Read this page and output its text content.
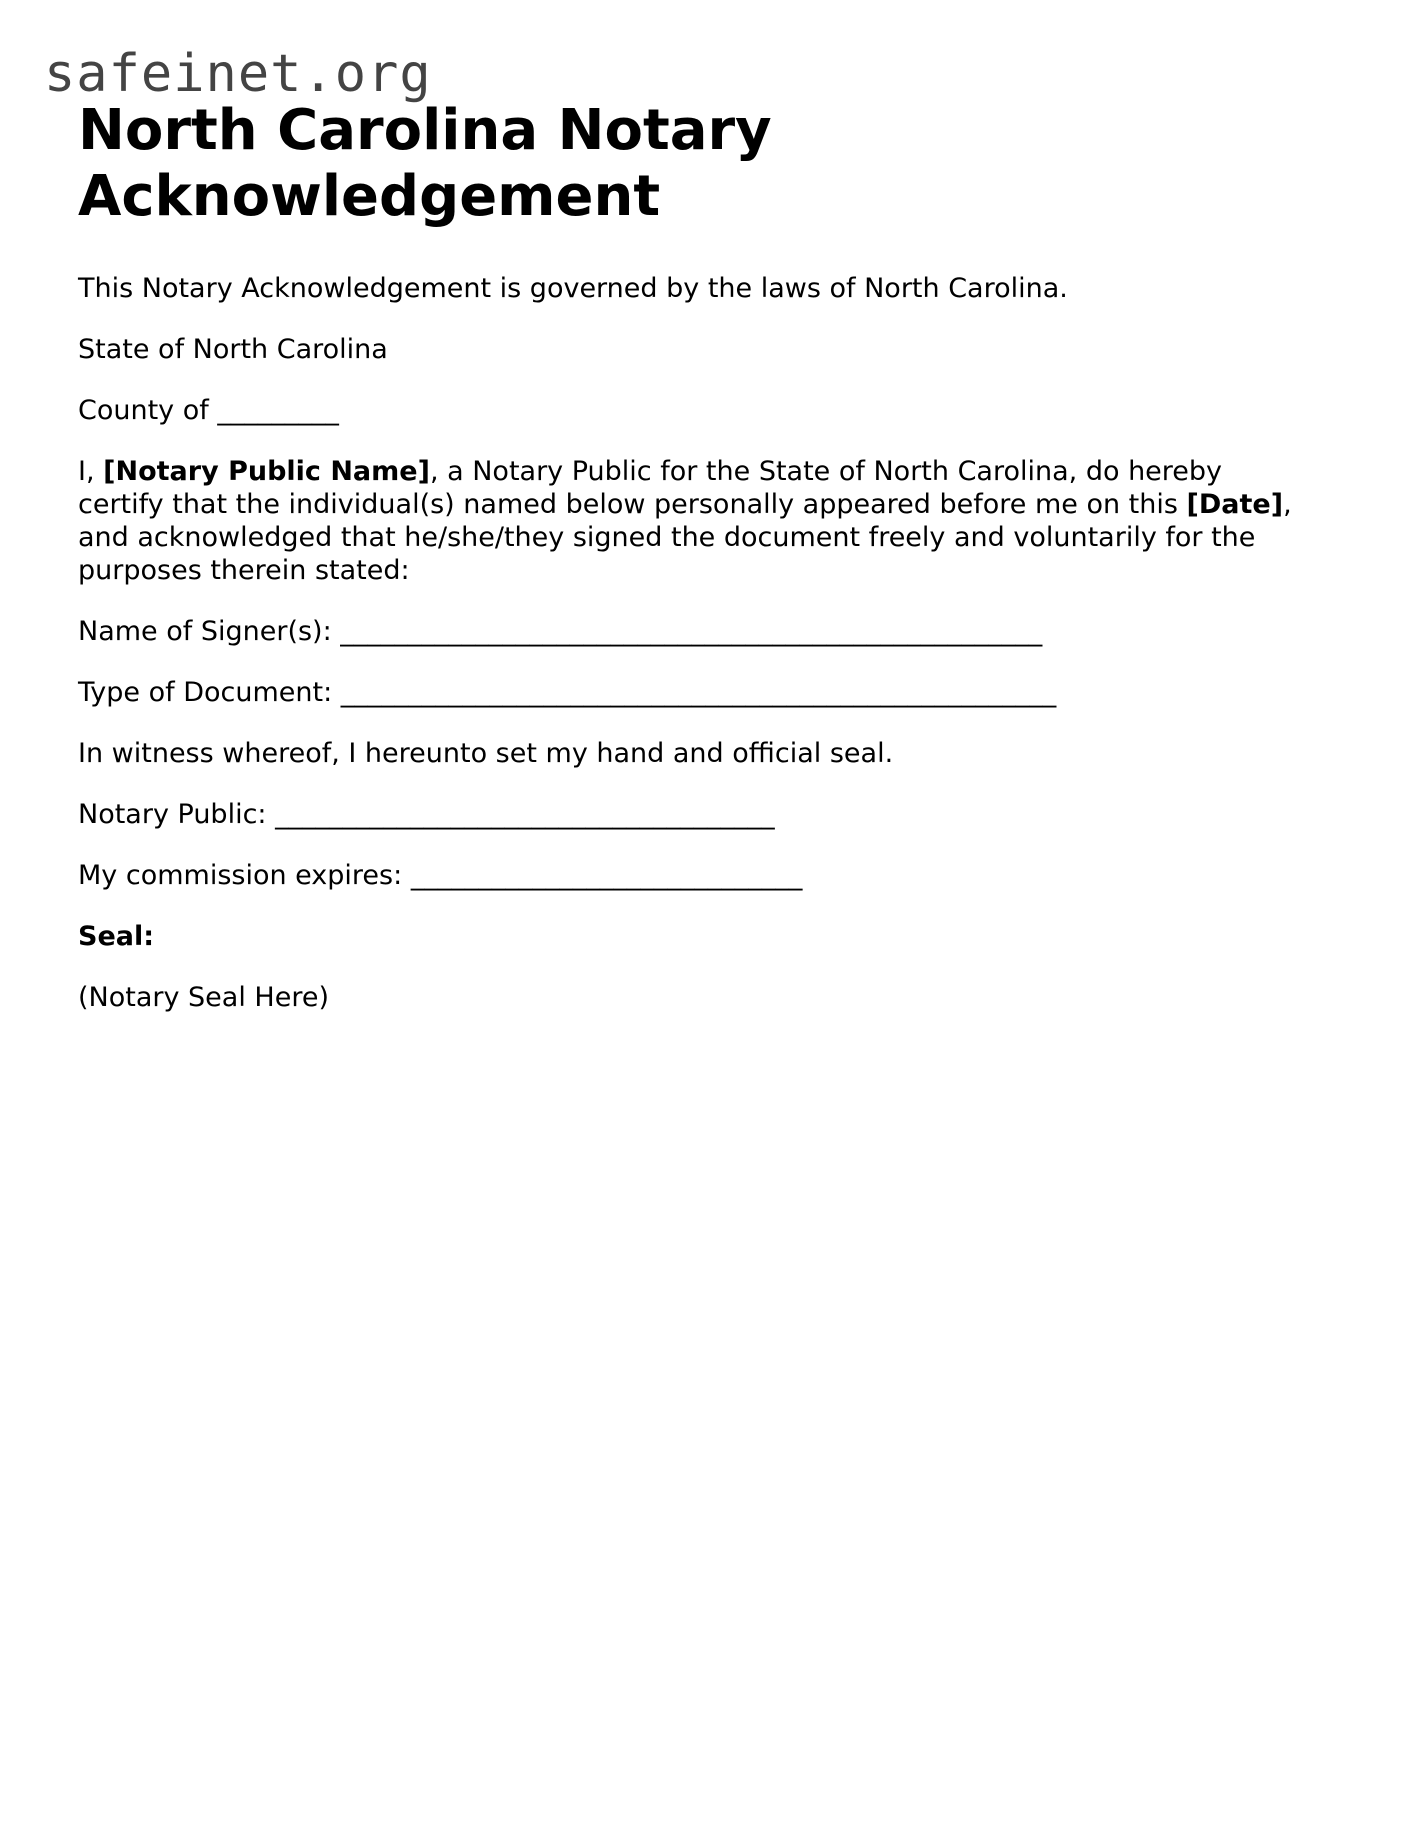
safeinet.org
North Carolina Notary
Acknowledgement

This Notary Acknowledgement is governed by the laws of North Carolina.

State of North Carolina

County of _________

I, [Notary Public Name], a Notary Public for the State of North Carolina, do hereby
certify that the individual(s) named below personally appeared before me on this [Date],
and acknowledged that he/she/they signed the document freely and voluntarily for the
purposes therein stated:

Name of Signer(s): ____________________________________________________

Type of Document: _____________________________________________________

In witness whereof, I hereunto set my hand and official seal.

Notary Public: _____________________________________

My commission expires: _____________________________

Seal:

(Notary Seal Here)
